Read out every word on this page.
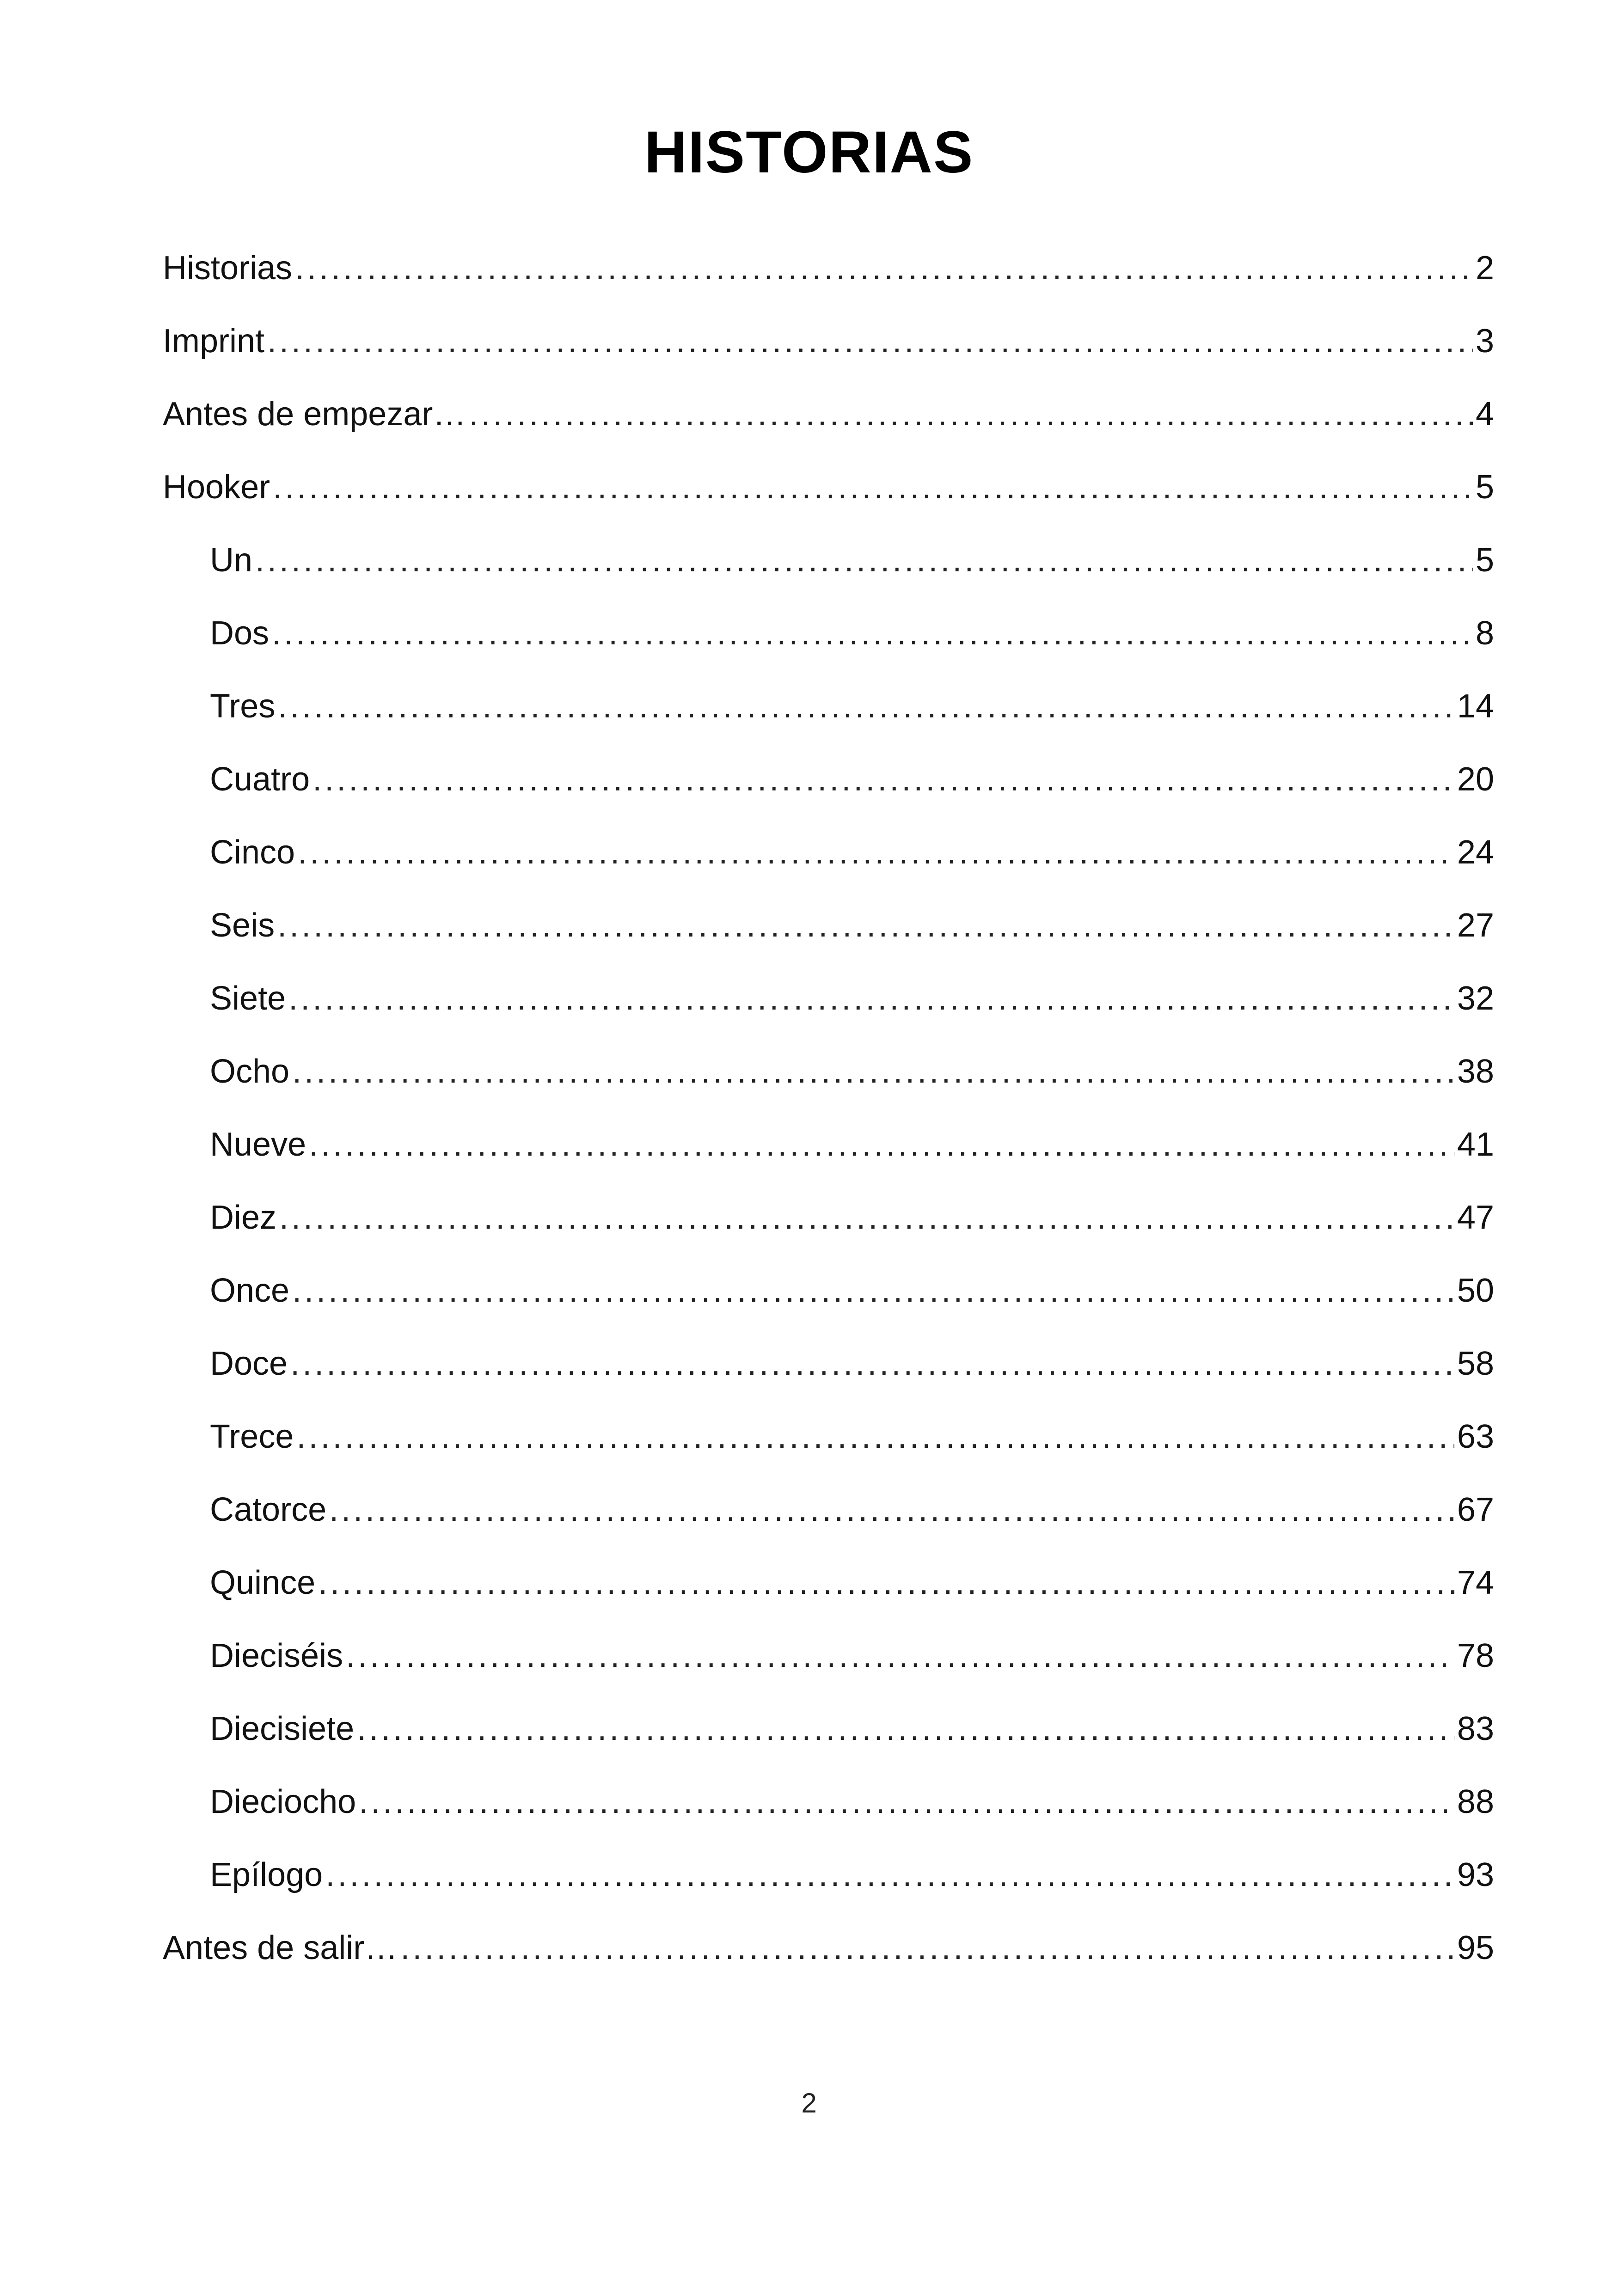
HISTORIAS
Historias .....	2
Imprint .....	3
Antes de empezar… .....	4
Hooker .....	5
Un .....	5
Dos .....	8
Tres .....	14
Cuatro .....	20
Cinco .....	24
Seis .....	27
Siete .....	32
Ocho .....	38
Nueve .....	41
Diez .....	47
Once .....	50
Doce .....	58
Trece .....	63
Catorce .....	67
Quince .....	74
Dieciséis .....	78
Diecisiete .....	83
Dieciocho .....	88
Epílogo .....	93
Antes de salir… .....	95
2
